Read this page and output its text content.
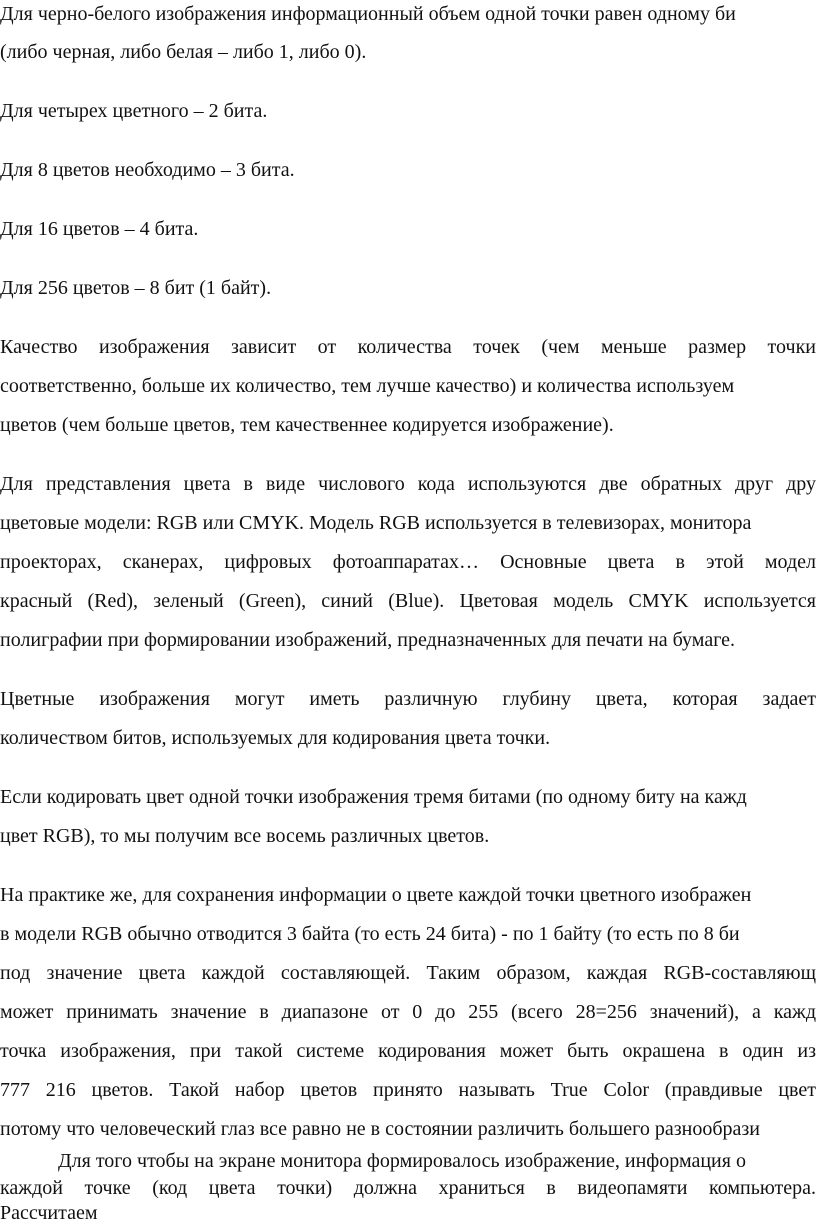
Для черно-белого изображения информационный объем одной точки равен одному би
(либо черная, либо белая – либо 1, либо 0).
Для четырех цветного – 2 бита.
Для 8 цветов необходимо – 3 бита.
Для 16 цветов – 4 бита.
Для 256 цветов – 8 бит (1 байт).
Качество изображения зависит от количества точек (чем меньше размер точки
соответственно, больше их количество, тем лучше качество) и количества используем
цветов (чем больше цветов, тем качественнее кодируется изображение).
Для представления цвета в виде числового кода используются две обратных друг дру
цветовые модели: RGB или CMYK. Модель RGB используется в телевизорах, монитора
проекторах, сканерах, цифровых фотоаппаратах… Основные цвета в этой модел
красный (Red), зеленый (Green), синий (Blue). Цветовая модель CMYK используется
полиграфии при формировании изображений, предназначенных для печати на бумаге.
Цветные изображения могут иметь различную глубину цвета, которая задает
количеством битов, используемых для кодирования цвета точки.
Если кодировать цвет одной точки изображения тремя битами (по одному биту на кажд
цвет RGB), то мы получим все восемь различных цветов.
На практике же, для сохранения информации о цвете каждой точки цветного изображен
в модели RGB обычно отводится 3 байта (то есть 24 бита) - по 1 байту (то есть по 8 би
под значение цвета каждой составляющей. Таким образом, каждая RGB-составляющ
может принимать значение в диапазоне от 0 до 255 (всего 28=256 значений), а кажд
точка изображения, при такой системе кодирования может быть окрашена в один из
777 216 цветов. Такой набор цветов принято называть True Color (правдивые цвет
потому что человеческий глаз все равно не в состоянии различить большего разнообрази
Для того чтобы на экране монитора формировалось изображение, информация о
каждой точке (код цвета точки) должна храниться в видеопамяти компьютера.
Рассчитаем
